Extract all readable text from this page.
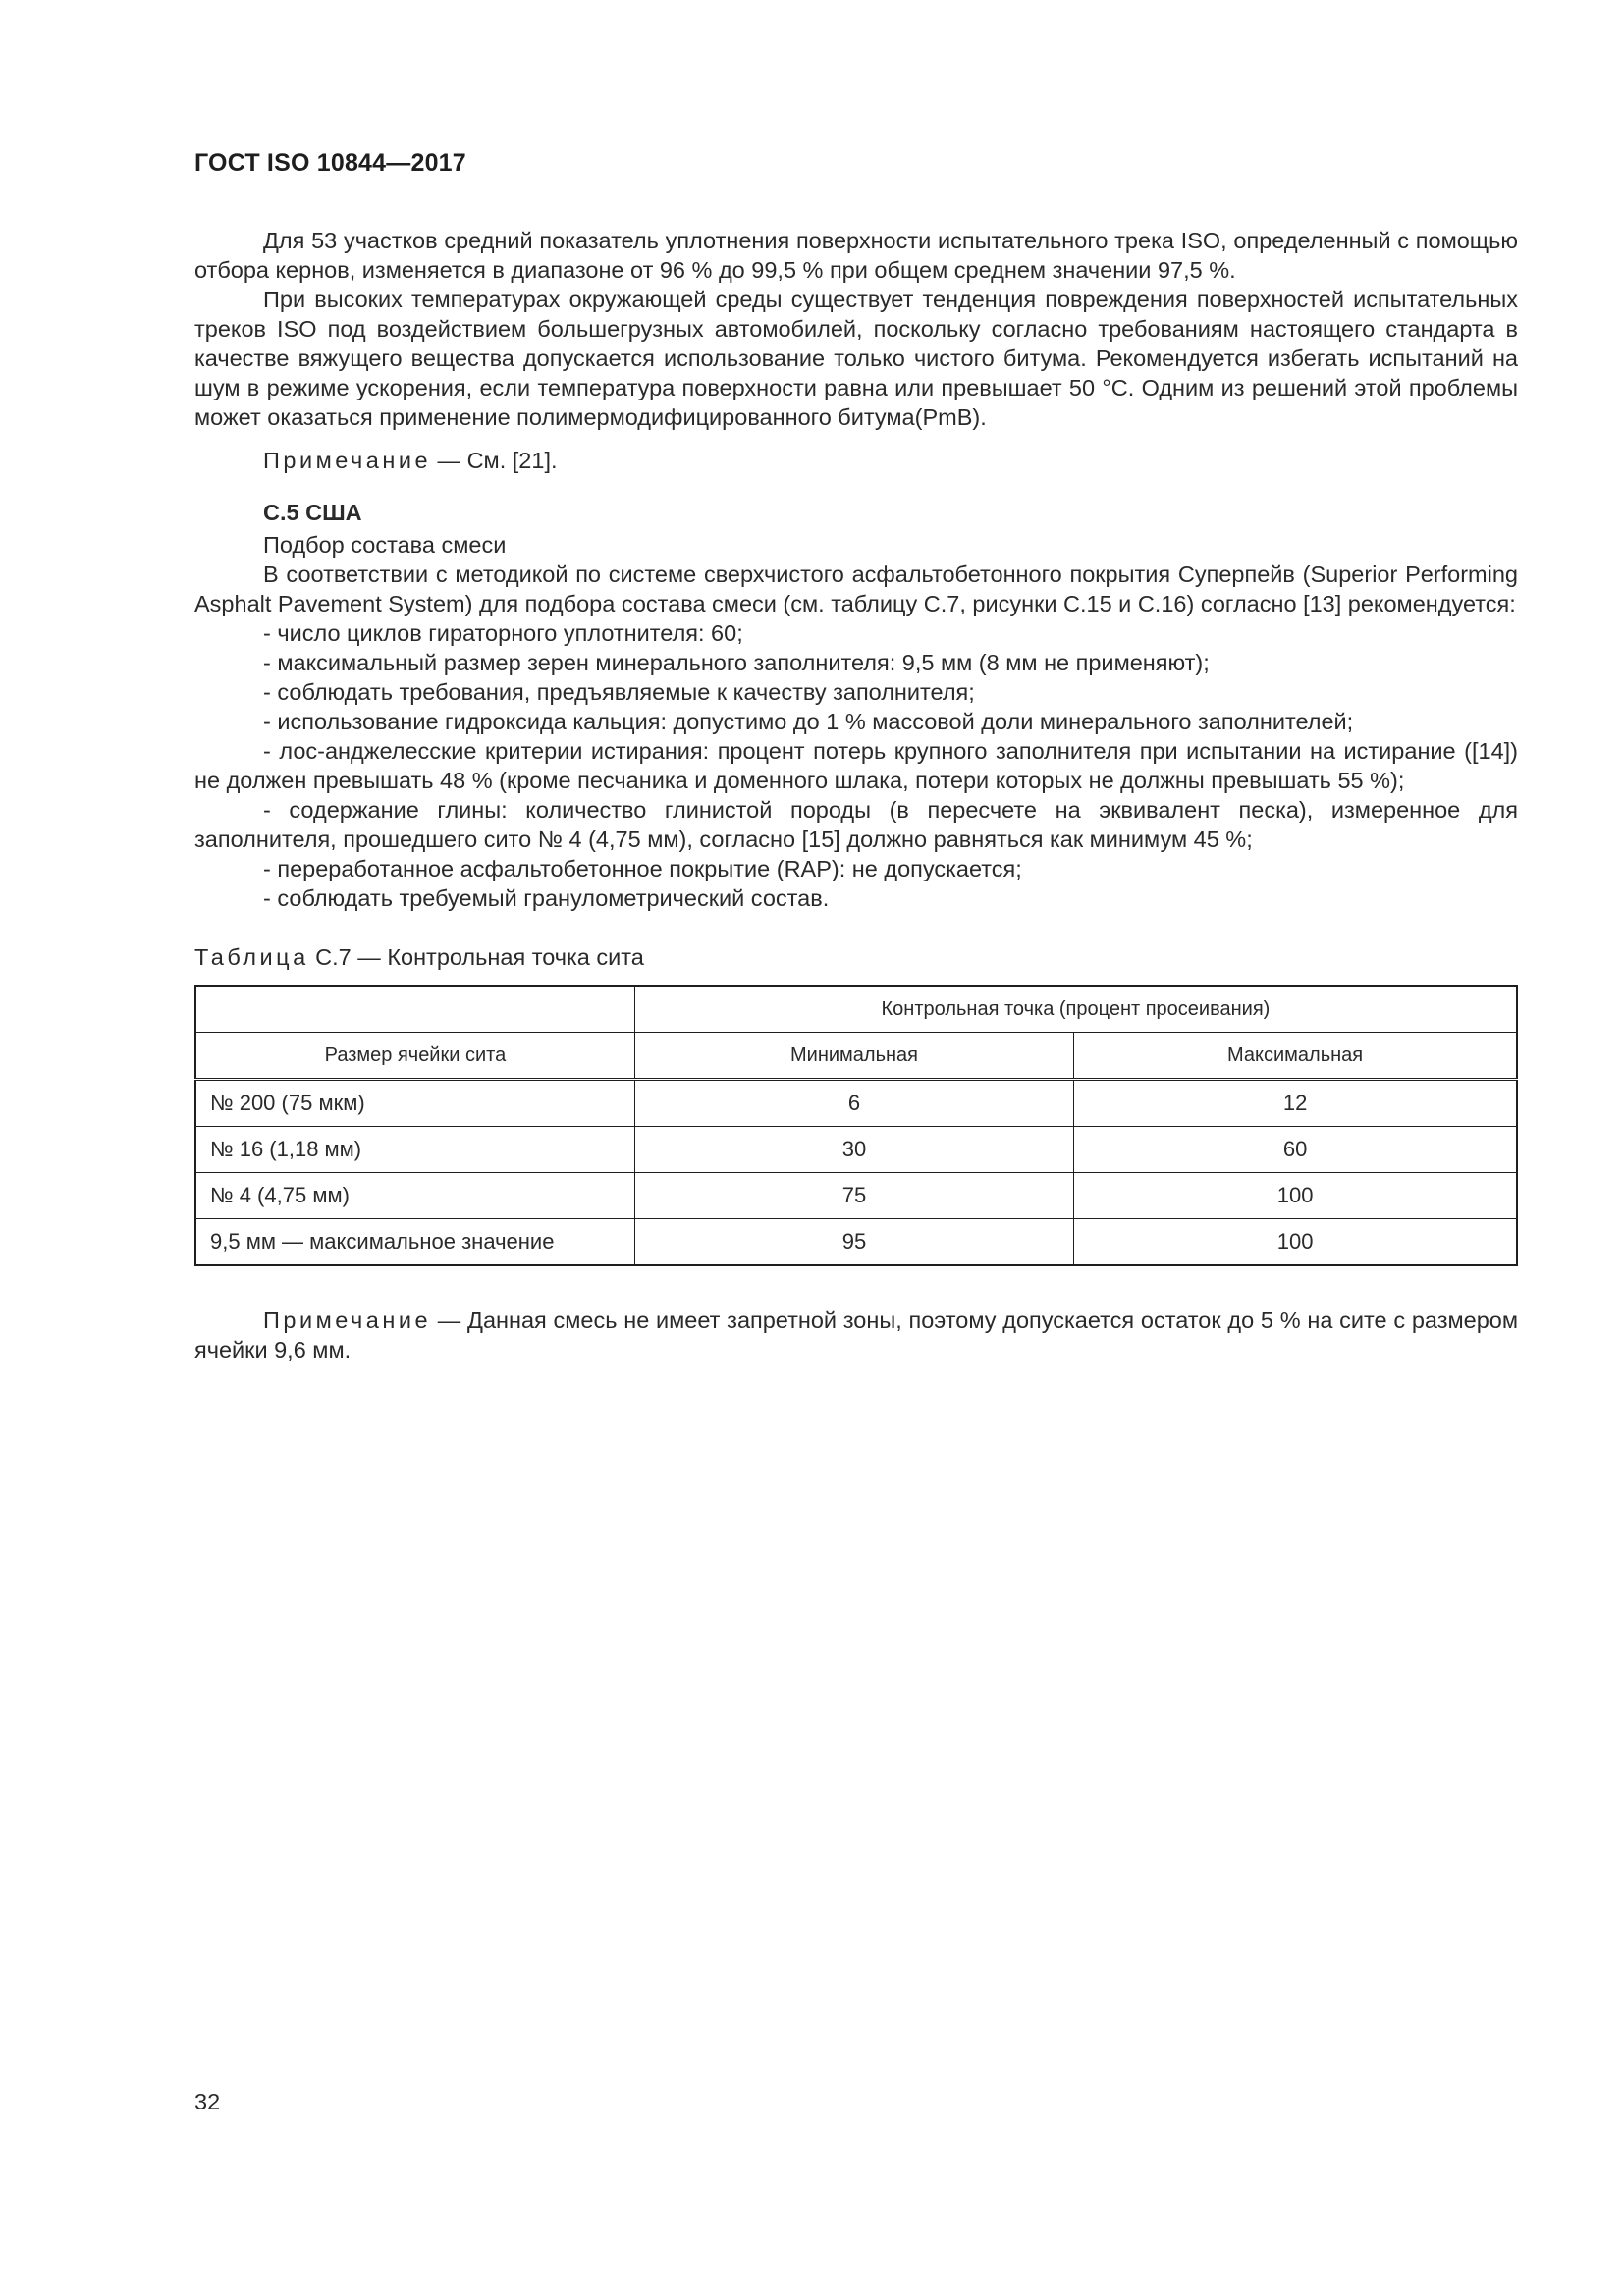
ГОСТ ISO 10844—2017

Для 53 участков средний показатель уплотнения поверхности испытательного трека ISO, определенный с помощью отбора кернов, изменяется в диапазоне от 96 % до 99,5 % при общем среднем значении 97,5 %.

При высоких температурах окружающей среды существует тенденция повреждения поверхностей испытательных треков ISO под воздействием большегрузных автомобилей, поскольку согласно требованиям настоящего стандарта в качестве вяжущего вещества допускается использование только чистого битума. Рекомендуется избегать испытаний на шум в режиме ускорения, если температура поверхности равна или превышает 50 °С. Одним из решений этой проблемы может оказаться применение полимермодифицированного битума(PmB).

Примечание — См. [21].

С.5 США
Подбор состава смеси

В соответствии с методикой по системе сверхчистого асфальтобетонного покрытия Суперпейв (Superior Performing Asphalt Pavement System) для подбора состава смеси (см. таблицу С.7, рисунки С.15 и С.16) согласно [13] рекомендуется:

- число циклов гираторного уплотнителя: 60;
- максимальный размер зерен минерального заполнителя: 9,5 мм (8 мм не применяют);
- соблюдать требования, предъявляемые к качеству заполнителя;
- использование гидроксида кальция: допустимо до 1 % массовой доли минерального заполнителей;
- лос-анджелесские критерии истирания: процент потерь крупного заполнителя при испытании на истирание ([14]) не должен превышать 48 % (кроме песчаника и доменного шлака, потери которых не должны превышать 55 %);
- содержание глины: количество глинистой породы (в пересчете на эквивалент песка), измеренное для заполнителя, прошедшего сито № 4 (4,75 мм), согласно [15] должно равняться как минимум 45 %;
- переработанное асфальтобетонное покрытие (RAP): не допускается;
- соблюдать требуемый гранулометрический состав.
Таблица С.7 — Контрольная точка сита
	Контрольная точка (процент просеивания)	
Размер ячейки сита	Минимальная	Максимальная
№ 200 (75 мкм)	6	12
№ 16 (1,18 мм)	30	60
№ 4 (4,75 мм)	75	100
9,5 мм — максимальное значение	95	100

Примечание — Данная смесь не имеет запретной зоны, поэтому допускается остаток до 5 % на сите с размером ячейки 9,6 мм.

32
